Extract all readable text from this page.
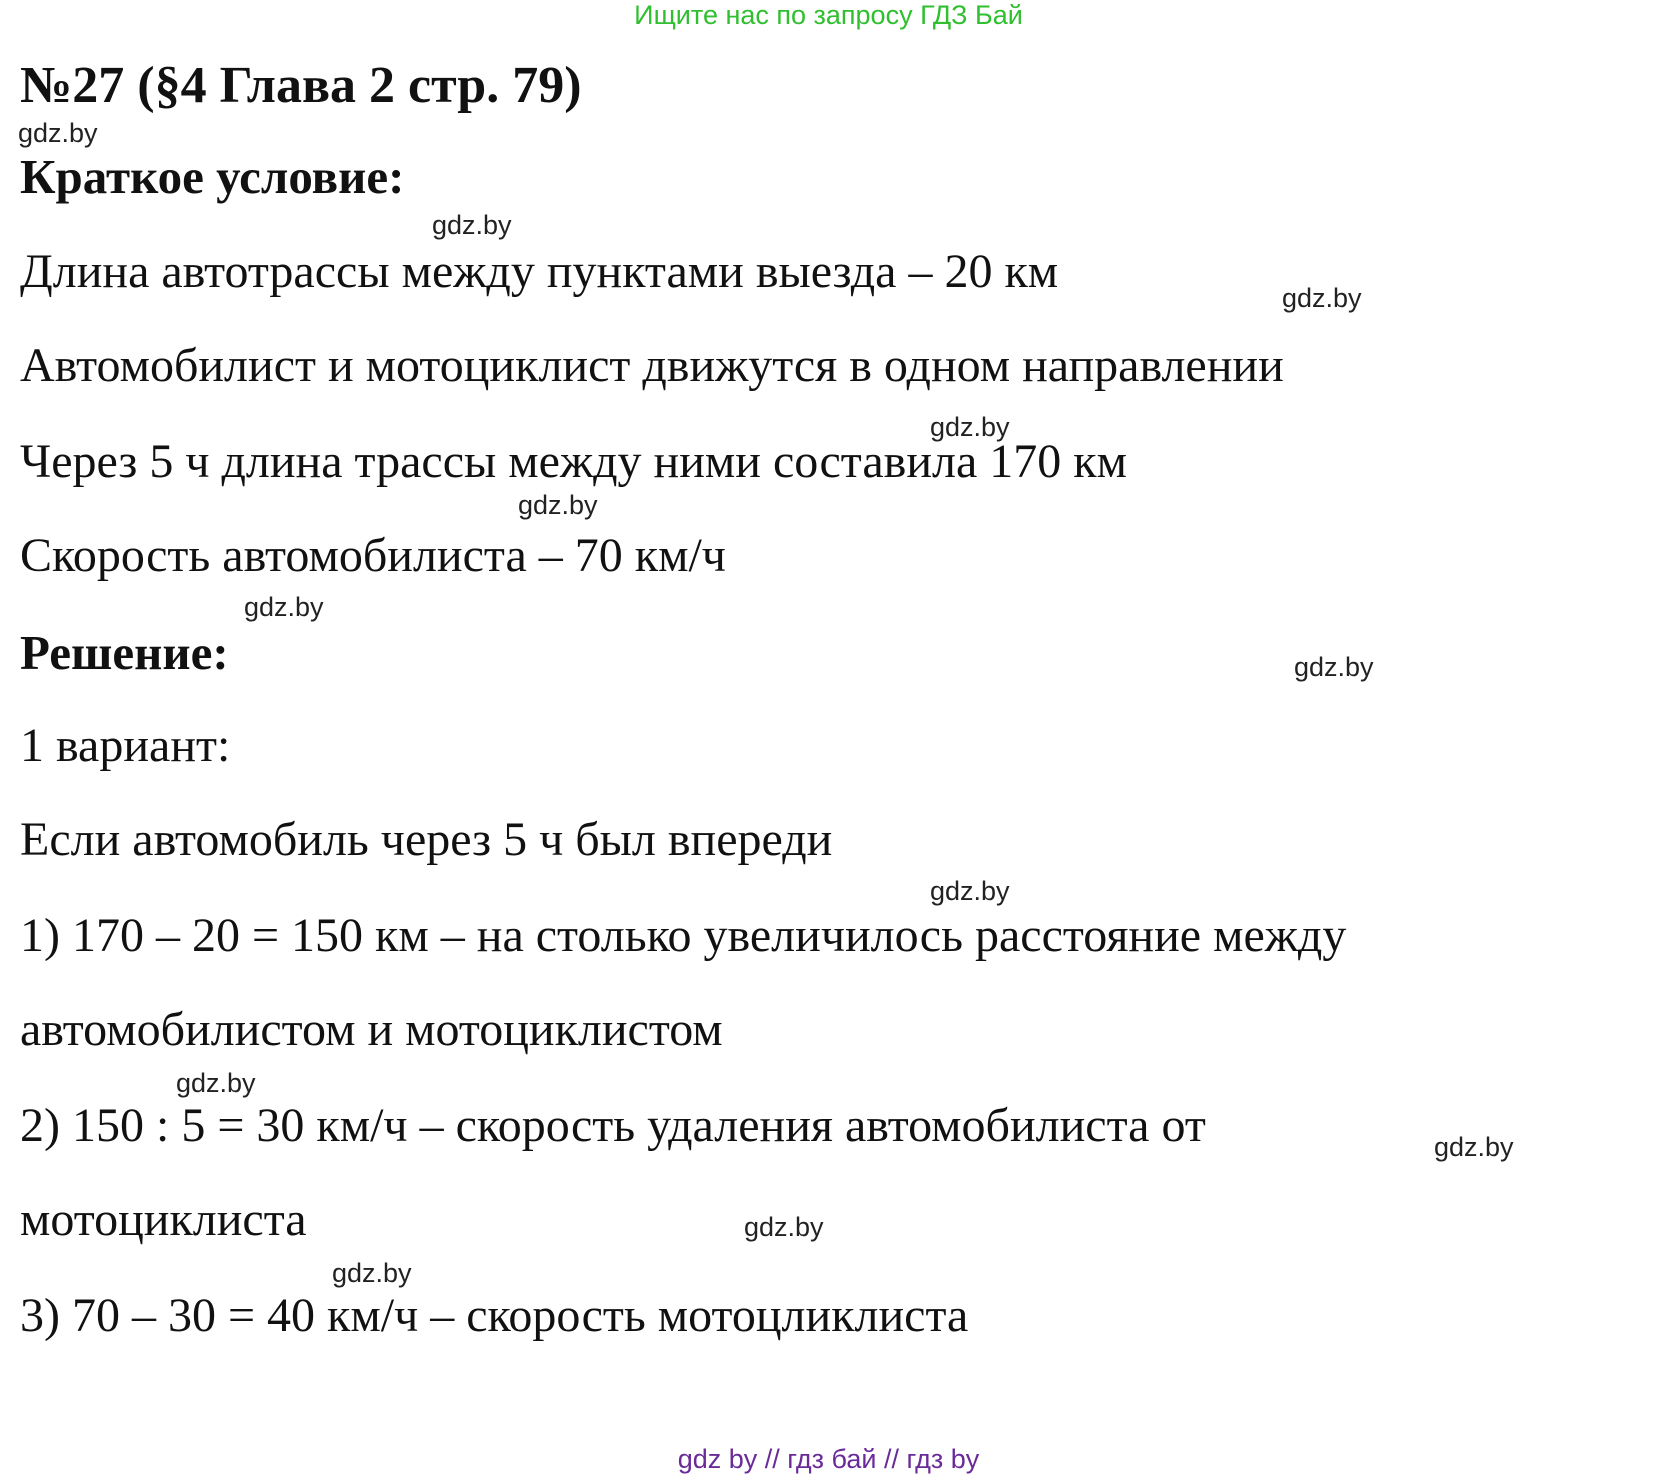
Ищите нас по запросу ГДЗ Бай
№27 (§4 Глава 2 стр. 79)
gdz.by
Краткое условие:
gdz.by
Длина автотрассы между пунктами выезда – 20 км	gdz.by
Автомобилист и мотоциклист движутся в одном направлении
gdz.by
Через 5 ч длина трассы между ними составила 170 км
gdz.by
Скорость автомобилиста – 70 км/ч
gdz.by
Решение:	gdz.by
1 вариант:
Если автомобиль через 5 ч был впереди
gdz.by
1) 170 – 20 = 150 км – на столько увеличилось расстояние между
автомобилистом и мотоциклистом
gdz.by
2) 150 : 5 = 30 км/ч – скорость удаления автомобилиста от	gdz.by
мотоциклиста	gdz.by
gdz.by
3) 70 – 30 = 40 км/ч – скорость мотоцликлиста
gdz by // гдз бай // гдз by
